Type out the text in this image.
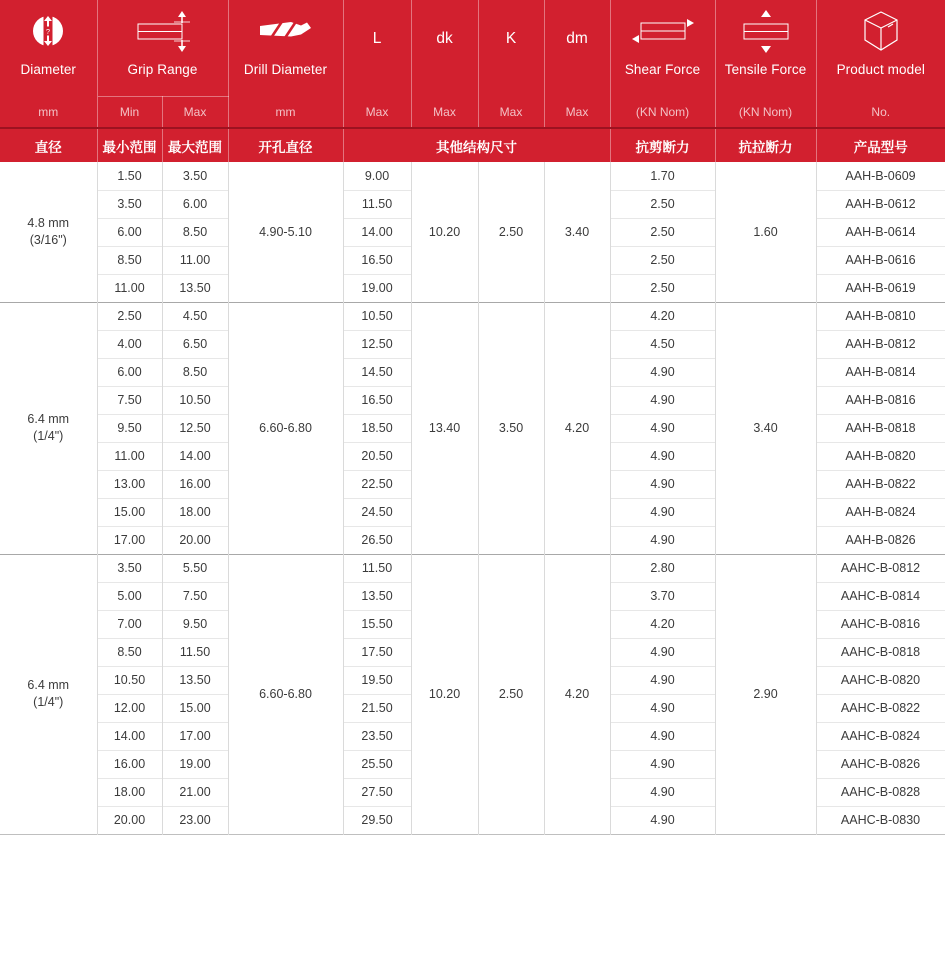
?
Diameter	Grip Range		Drill Diameter	L	dk	K	dm	Shear Force	Tensile Force	Product model

mm	Min	Max	mm	Max	Max	Max	Max	(KN Nom)	(KN Nom)	No.
直径	最小范围	最大范围	开孔直径	其他结构尺寸				抗剪断力	抗拉断力	产品型号

4.8 mm
(3/16")	1.50	3.50	4.90-5.10	9.00	10.20	2.50	3.40	1.70	1.60	AAH-B-0609
	3.50	6.00		11.50				2.50		AAH-B-0612
	6.00	8.50		14.00				2.50		AAH-B-0614
	8.50	11.00		16.50				2.50		AAH-B-0616
	11.00	13.50		19.00				2.50		AAH-B-0619

6.4 mm
(1/4")	2.50	4.50	6.60-6.80	10.50	13.40	3.50	4.20	4.20	3.40	AAH-B-0810
	4.00	6.50		12.50				4.50		AAH-B-0812
	6.00	8.50		14.50				4.90		AAH-B-0814
	7.50	10.50		16.50				4.90		AAH-B-0816
	9.50	12.50		18.50				4.90		AAH-B-0818
	11.00	14.00		20.50				4.90		AAH-B-0820
	13.00	16.00		22.50				4.90		AAH-B-0822
	15.00	18.00		24.50				4.90		AAH-B-0824
	17.00	20.00		26.50				4.90		AAH-B-0826

6.4 mm
(1/4")	3.50	5.50	6.60-6.80	11.50	10.20	2.50	4.20	2.80	2.90	AAHC-B-0812
	5.00	7.50		13.50				3.70		AAHC-B-0814
	7.00	9.50		15.50				4.20		AAHC-B-0816
	8.50	11.50		17.50				4.90		AAHC-B-0818
	10.50	13.50		19.50				4.90		AAHC-B-0820
	12.00	15.00		21.50				4.90		AAHC-B-0822
	14.00	17.00		23.50				4.90		AAHC-B-0824
	16.00	19.00		25.50				4.90		AAHC-B-0826
	18.00	21.00		27.50				4.90		AAHC-B-0828
	20.00	23.00		29.50				4.90		AAHC-B-0830
